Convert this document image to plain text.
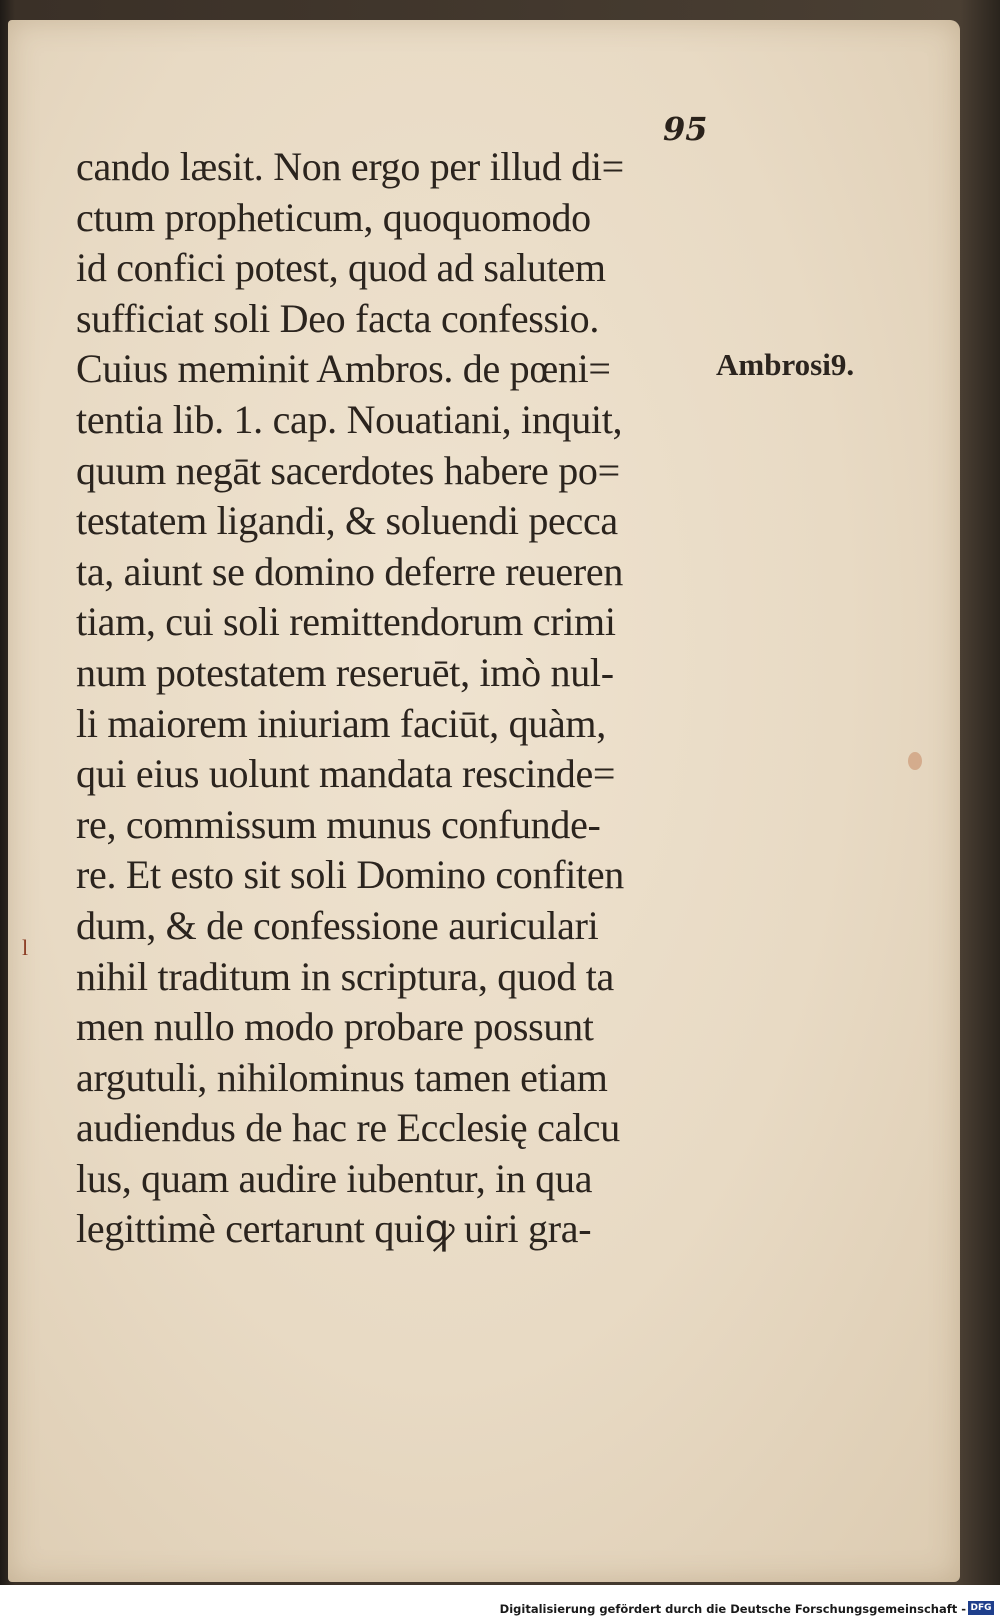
95
cando læsit. Non ergo per illud di=
ctum propheticum, quoquomodo
id confici potest, quod ad salutem
sufficiat soli Deo facta confessio.
Cuius meminit Ambros. de pœni=
tentia lib. 1. cap. Nouatiani, inquit,
quum negāt sacerdotes habere po=
testatem ligandi, & soluendi pecca
ta, aiunt se domino deferre reueren
tiam, cui soli remittendorum crimi
num potestatem reseruēt, imò nul-
li maiorem iniuriam faciūt, quàm,
qui eius uolunt mandata rescinde=
re, commissum munus confunde-
re. Et esto sit soli Domino confiten
dum, & de confessione auriculari
nihil traditum in scriptura, quod ta
men nullo modo probare possunt
argutuli, nihilominus tamen etiam
audiendus de hac re Ecclesię calcu
lus, quam audire iubentur, in qua
legittimè certarunt quiꝙ uiri gra-
Ambrosi9.
l
Digitalisierung gefördert durch die Deutsche Forschungsgemeinschaft - DFG
